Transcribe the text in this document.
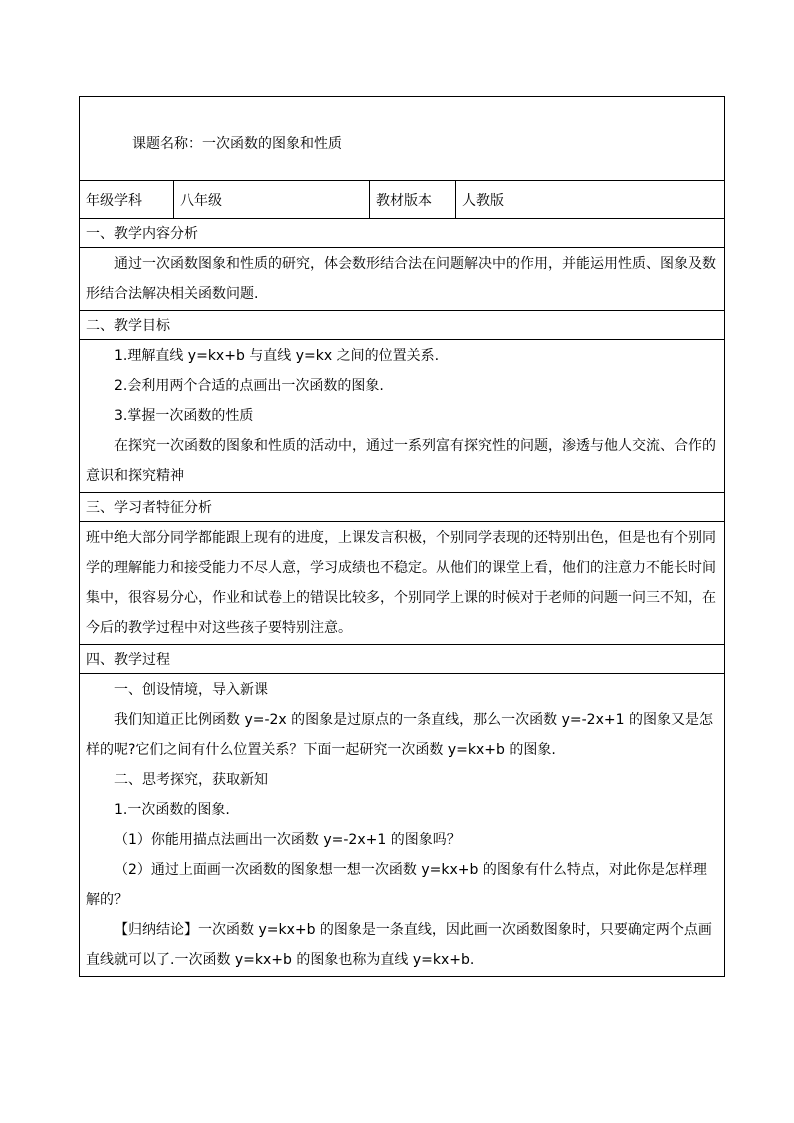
课题名称：一次函数的图象和性质
年级学科	八年级	教材版本	人教版
一、教学内容分析

通过一次函数图象和性质的研究，体会数形结合法在问题解决中的作用，并能运用性质、图象及数形结合法解决相关函数问题.

二、教学目标

1.理解直线 y=kx+b 与直线 y=kx 之间的位置关系.

2.会利用两个合适的点画出一次函数的图象.

3.掌握一次函数的性质

在探究一次函数的图象和性质的活动中，通过一系列富有探究性的问题，渗透与他人交流、合作的意识和探究精神

三、学习者特征分析

班中绝大部分同学都能跟上现有的进度，上课发言积极，个别同学表现的还特别出色，但是也有个别同学的理解能力和接受能力不尽人意，学习成绩也不稳定。从他们的课堂上看，他们的注意力不能长时间集中，很容易分心，作业和试卷上的错误比较多，个别同学上课的时候对于老师的问题一问三不知，在今后的教学过程中对这些孩子要特别注意。

四、教学过程

一、创设情境，导入新课

我们知道正比例函数 y=-2x 的图象是过原点的一条直线，那么一次函数 y=-2x+1 的图象又是怎样的呢?它们之间有什么位置关系？下面一起研究一次函数 y=kx+b 的图象.

二、思考探究，获取新知

1.一次函数的图象.

（1）你能用描点法画出一次函数 y=-2x+1 的图象吗？

（2）通过上面画一次函数的图象想一想一次函数 y=kx+b 的图象有什么特点，对此你是怎样理解的？

【归纳结论】一次函数 y=kx+b 的图象是一条直线，因此画一次函数图象时，只要确定两个点画直线就可以了.一次函数 y=kx+b 的图象也称为直线 y=kx+b.
